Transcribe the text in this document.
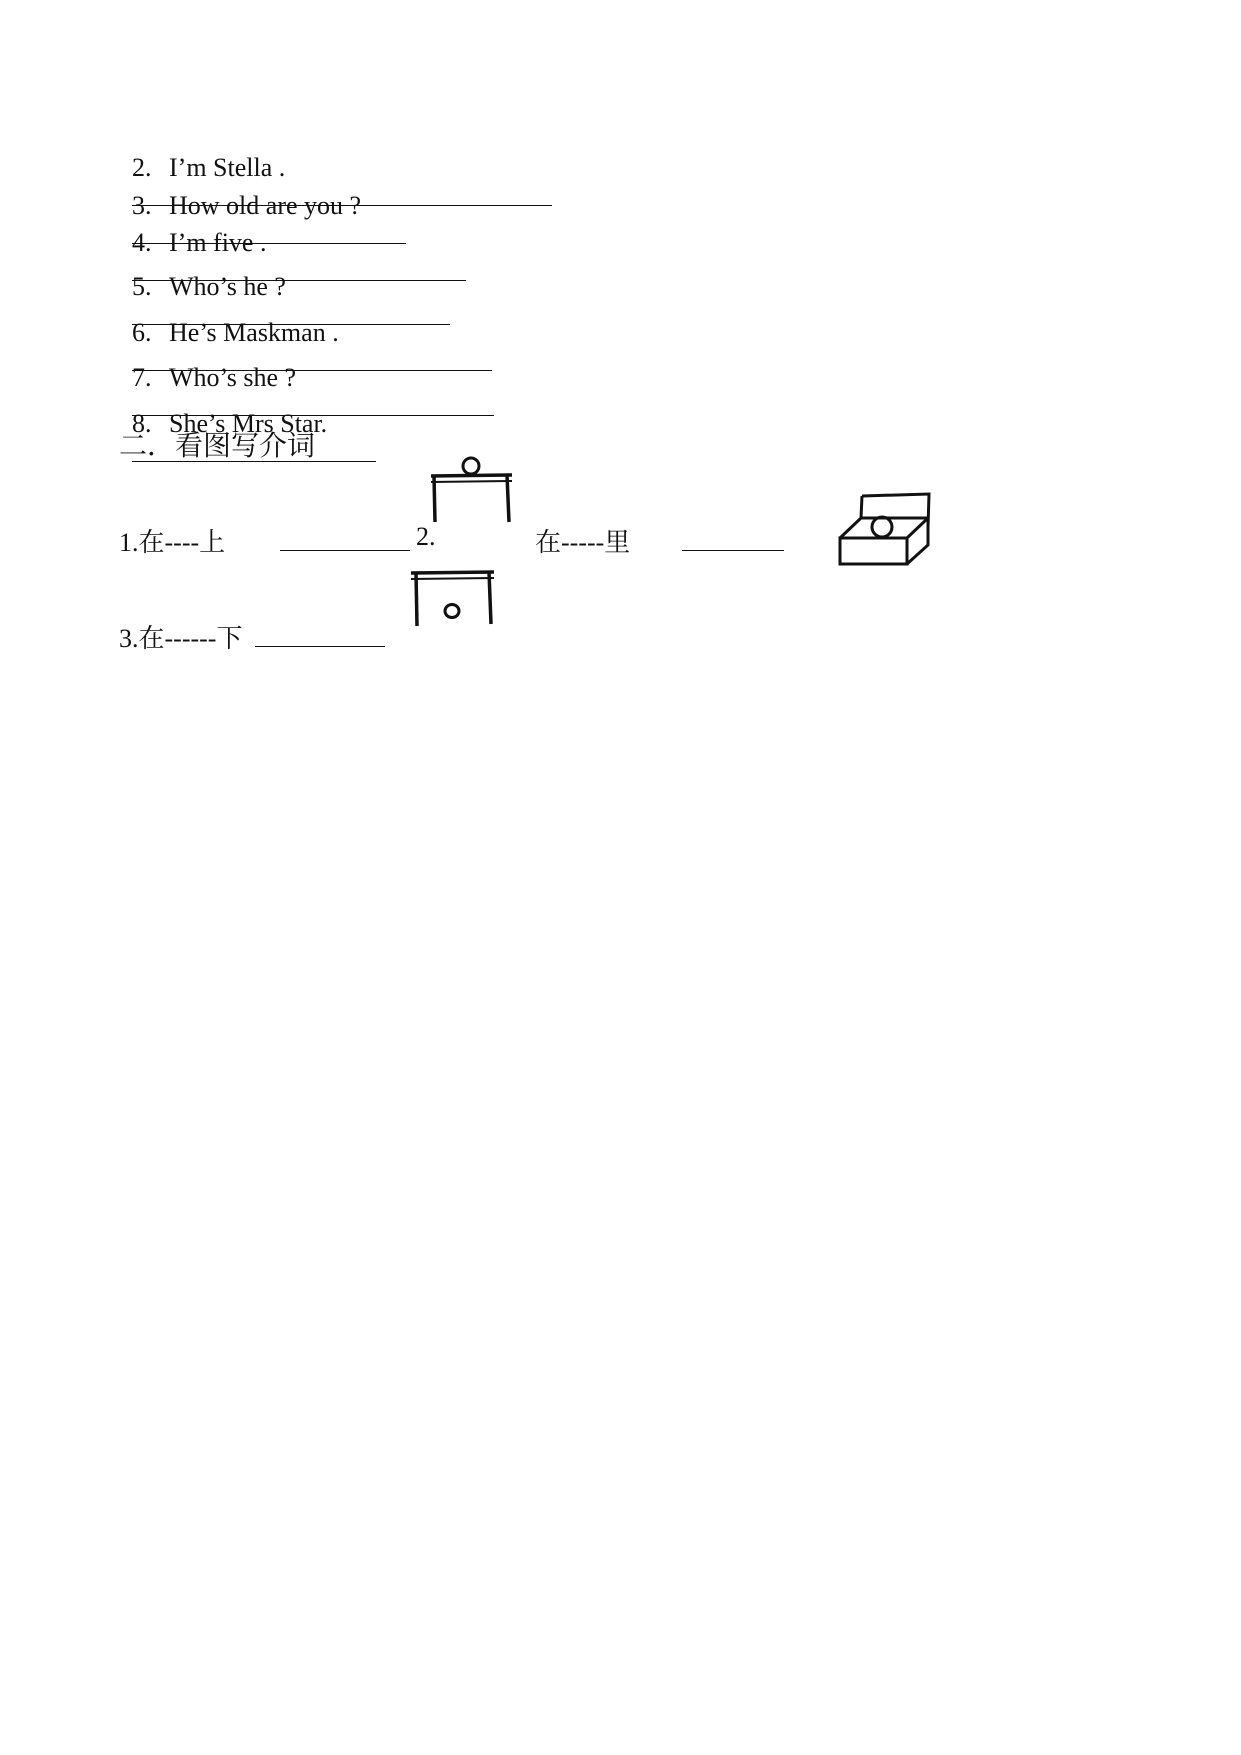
2. I’m Stella .

3. How old are you ?

4. I’m five .

5. Who’s he ?

6. He’s Maskman .

7. Who’s she ?

8. She’s Mrs Star.

二．看图写介词
1.在----上	2.	在-----里
3.在------下
